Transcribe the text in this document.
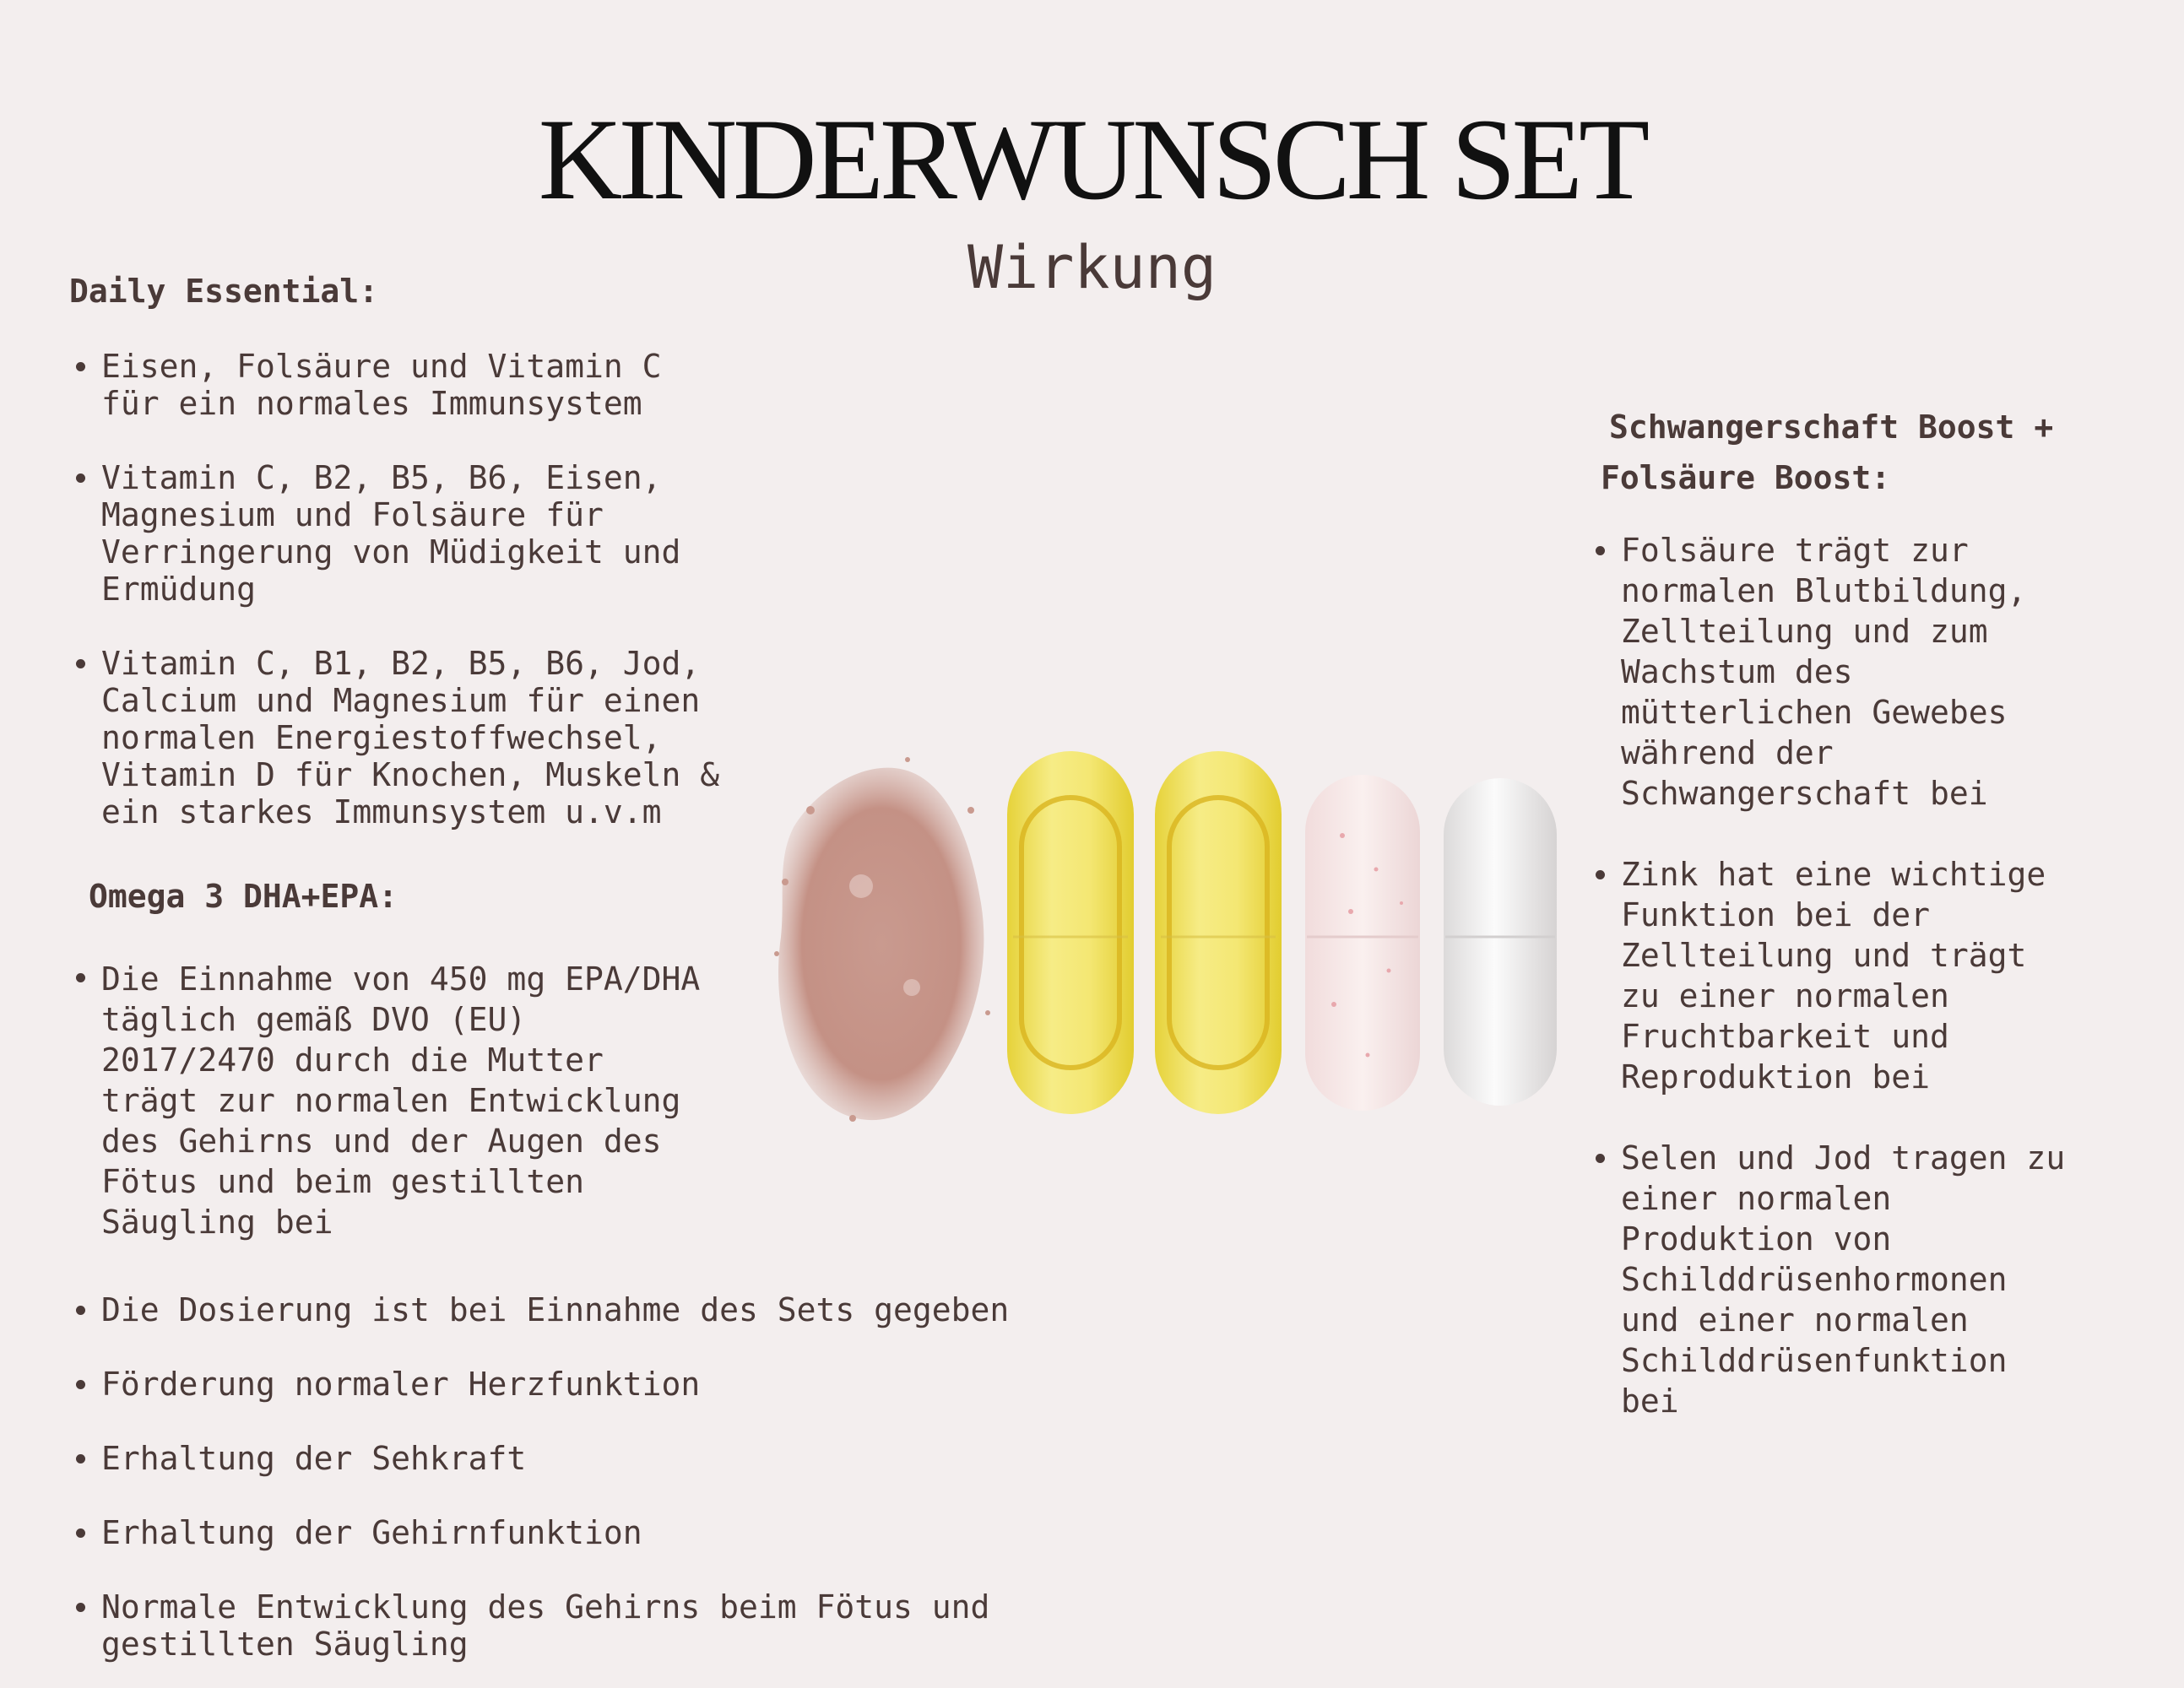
KINDERWUNSCH SET
Wirkung
Daily Essential:
Eisen, Folsäure und Vitamin C
für ein normales Immunsystem
Vitamin C, B2, B5, B6, Eisen,
Magnesium und Folsäure für
Verringerung von Müdigkeit und
Ermüdung
Vitamin C, B1, B2, B5, B6, Jod,
Calcium und Magnesium für einen
normalen Energiestoffwechsel,
Vitamin D für Knochen, Muskeln &
ein starkes Immunsystem u.v.m
Omega 3 DHA+EPA:
Die Einnahme von 450 mg EPA/DHA
täglich gemäß DVO (EU)
2017/2470 durch die Mutter
trägt zur normalen Entwicklung
des Gehirns und der Augen des
Fötus und beim gestillten
Säugling bei
Die Dosierung ist bei Einnahme des Sets gegeben
Förderung normaler Herzfunktion
Erhaltung der Sehkraft
Erhaltung der Gehirnfunktion
Normale Entwicklung des Gehirns beim Fötus und
gestillten Säugling
Schwangerschaft Boost +
Folsäure Boost:
Folsäure trägt zur
normalen Blutbildung,
Zellteilung und zum
Wachstum des
mütterlichen Gewebes
während der
Schwangerschaft bei
Zink hat eine wichtige
Funktion bei der
Zellteilung und trägt
zu einer normalen
Fruchtbarkeit und
Reproduktion bei
Selen und Jod tragen zu
einer normalen
Produktion von
Schilddrüsenhormonen
und einer normalen
Schilddrüsenfunktion
bei
